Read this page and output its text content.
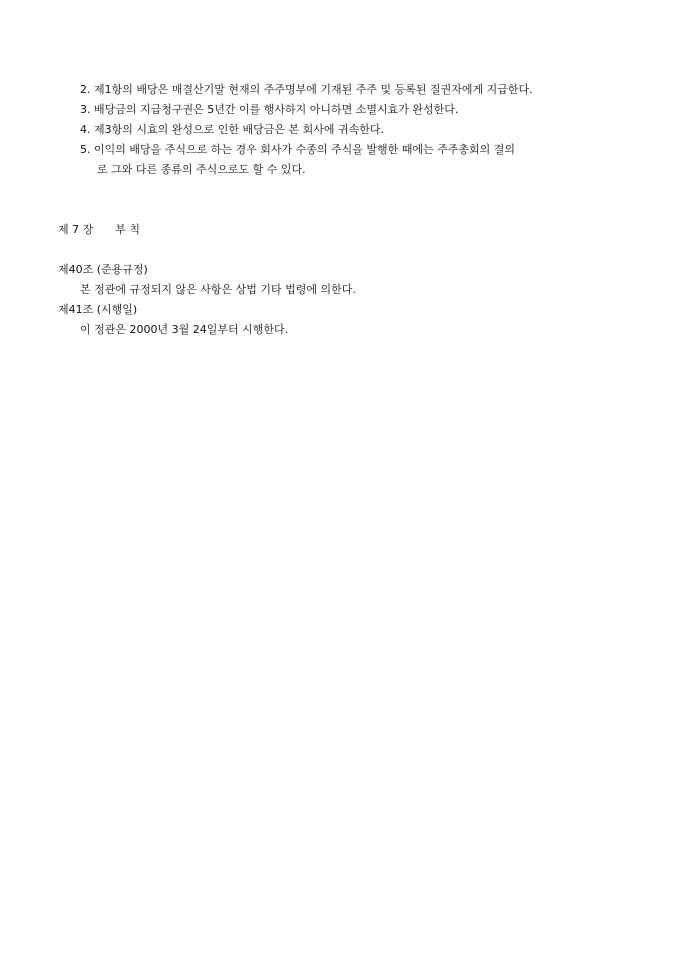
2. 제1항의 배당은 매결산기말 현재의 주주명부에 기재된 주주 및 등록된 질권자에게 지급한다.
3. 배당금의 지급청구권은 5년간 이를 행사하지 아니하면 소멸시효가 완성한다.
4. 제3항의 시효의 완성으로 인한 배당금은 본 회사에 귀속한다.
5. 이익의 배당을 주식으로 하는 경우 회사가 수종의 주식을 발행한 때에는 주주총회의 결의
로 그와 다른 종류의 주식으로도 할 수 있다.
제 7 장 부 칙
제40조 (준용규정)
본 정관에 규정되지 않은 사항은 상법 기타 법령에 의한다.
제41조 (시행일)
이 정관은 2000년 3월 24일부터 시행한다.
